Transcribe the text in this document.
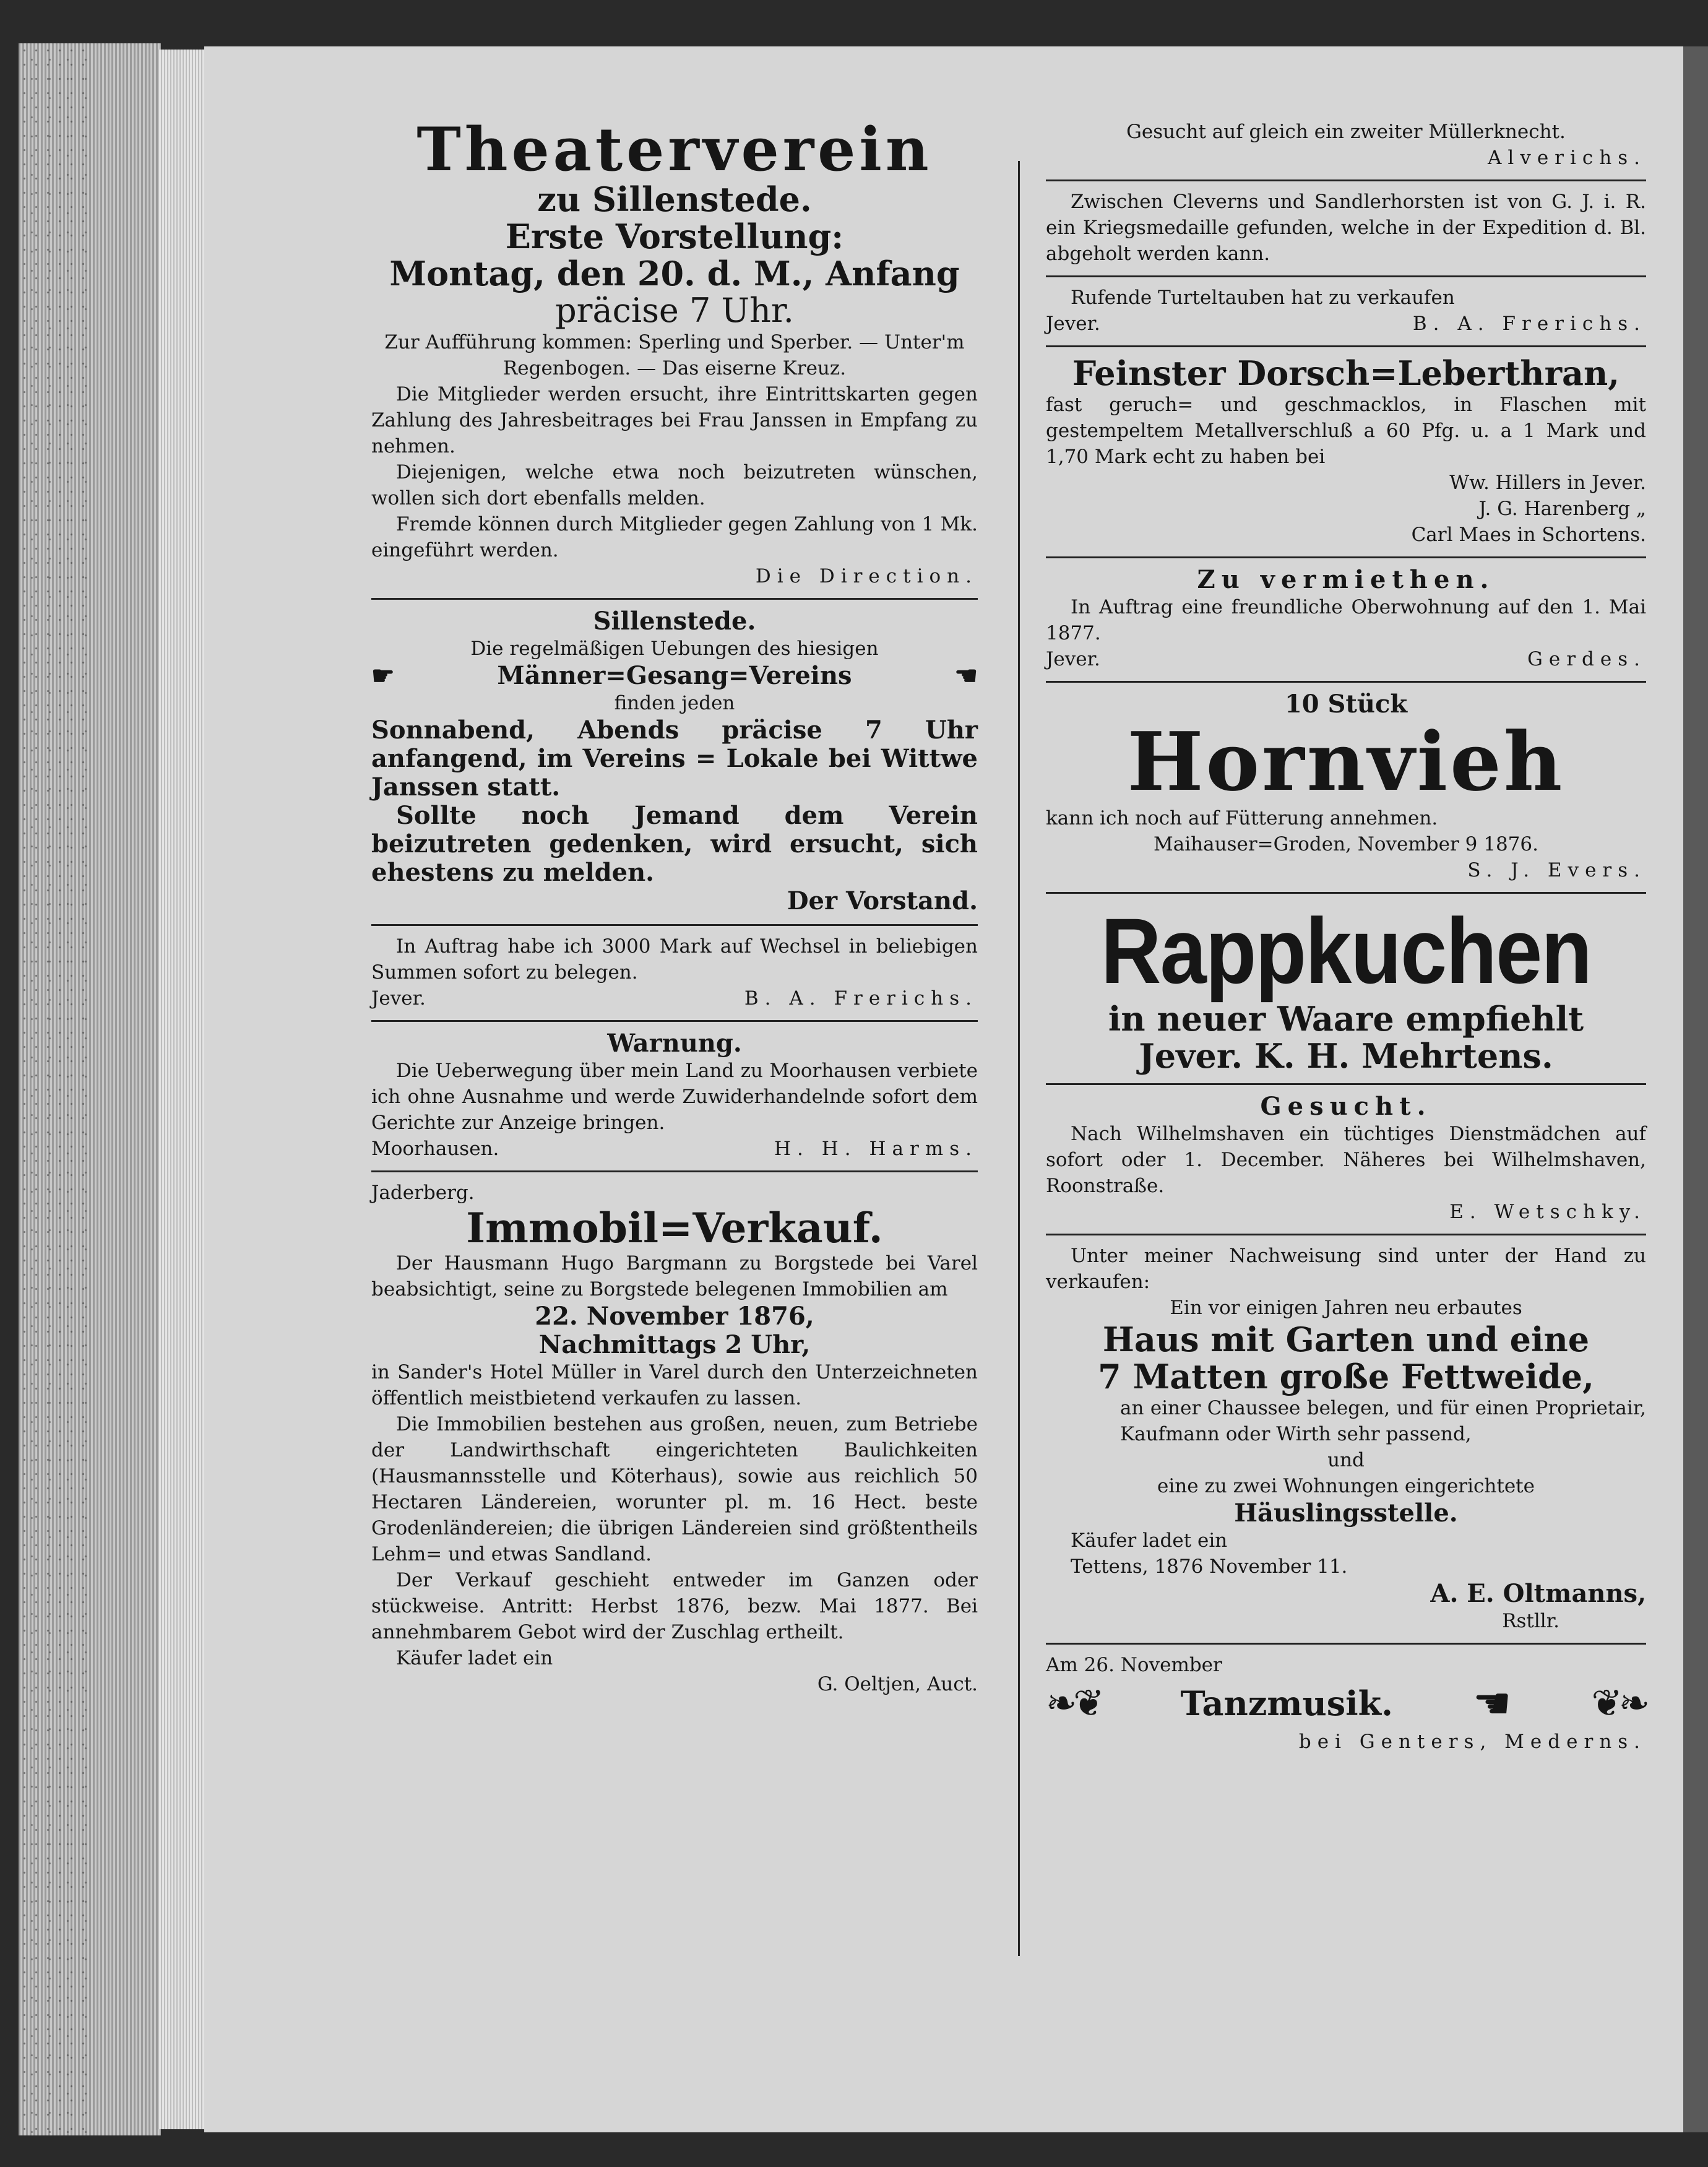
Theaterverein
zu Sillenstede.
Erste Vorstellung:
Montag, den 20. d. M., Anfang
präcise 7 Uhr.
Zur Aufführung kommen: Sperling und Sperber. — Unter'm Regenbogen. — Das eiserne Kreuz.
Die Mitglieder werden ersucht, ihre Eintrittskarten gegen Zahlung des Jahresbeitrages bei Frau Janssen in Empfang zu nehmen.
Diejenigen, welche etwa noch beizutreten wünschen, wollen sich dort ebenfalls melden.
Fremde können durch Mitglieder gegen Zahlung von 1 Mk. eingeführt werden.
Die Direction.
Sillenstede.
Die regelmäßigen Uebungen des hiesigen
☛	Männer=Gesang=Vereins	☚
finden jeden
Sonnabend, Abends präcise 7 Uhr anfangend, im Vereins = Lokale bei Wittwe Janssen statt.
Sollte noch Jemand dem Verein beizutreten gedenken, wird ersucht, sich ehestens zu melden.
Der Vorstand.
In Auftrag habe ich 3000 Mark auf Wechsel in beliebigen Summen sofort zu belegen.
Jever.	B. A. Frerichs.
Warnung.
Die Ueberwegung über mein Land zu Moorhausen verbiete ich ohne Ausnahme und werde Zuwiderhandelnde sofort dem Gerichte zur Anzeige bringen.
Moorhausen.	H. H. Harms.
Jaderberg.
Immobil=Verkauf.
Der Hausmann Hugo Bargmann zu Borgstede bei Varel beabsichtigt, seine zu Borgstede belegenen Immobilien am
22. November 1876,
Nachmittags 2 Uhr,
in Sander's Hotel Müller in Varel durch den Unterzeichneten öffentlich meistbietend verkaufen zu lassen.
Die Immobilien bestehen aus großen, neuen, zum Betriebe der Landwirthschaft eingerichteten Baulichkeiten (Hausmannsstelle und Köterhaus), sowie aus reichlich 50 Hectaren Ländereien, worunter pl. m. 16 Hect. beste Grodenländereien; die übrigen Ländereien sind größtentheils Lehm= und etwas Sandland.
Der Verkauf geschieht entweder im Ganzen oder stückweise. Antritt: Herbst 1876, bezw. Mai 1877. Bei annehmbarem Gebot wird der Zuschlag ertheilt.
Käufer ladet ein
G. Oeltjen, Auct.
Gesucht auf gleich ein zweiter Müllerknecht.
Alverichs.
Zwischen Cleverns und Sandlerhorsten ist von G. J. i. R. ein Kriegsmedaille gefunden, welche in der Expedition d. Bl. abgeholt werden kann.
Rufende Turteltauben hat zu verkaufen
Jever.	B. A. Frerichs.
Feinster Dorsch=Leberthran,
fast geruch= und geschmacklos, in Flaschen mit gestempeltem Metallverschluß a 60 Pfg. u. a 1 Mark und 1,70 Mark echt zu haben bei
Ww. Hillers in Jever.
J. G. Harenberg „
Carl Maes in Schortens.
Zu vermiethen.
In Auftrag eine freundliche Oberwohnung auf den 1. Mai 1877.
Jever.	Gerdes.
10 Stück
Hornvieh
kann ich noch auf Fütterung annehmen.
Maihauser=Groden, November 9 1876.
S. J. Evers.
Rappkuchen
in neuer Waare empfiehlt
Jever. K. H. Mehrtens.
Gesucht.
Nach Wilhelmshaven ein tüchtiges Dienstmädchen auf sofort oder 1. December. Näheres bei Wilhelmshaven, Roonstraße.
E. Wetschky.
Unter meiner Nachweisung sind unter der Hand zu verkaufen:
Ein vor einigen Jahren neu erbautes
Haus mit Garten und eine
7 Matten große Fettweide,
an einer Chaussee belegen, und für einen Proprietair, Kaufmann oder Wirth sehr passend,
und
eine zu zwei Wohnungen eingerichtete
Häuslingsstelle.
Käufer ladet ein
Tettens, 1876 November 11.
A. E. Oltmanns,
Rstllr.
Am 26. November
❧❦ Tanzmusik. ☚ ❦❧
bei Genters, Mederns.
